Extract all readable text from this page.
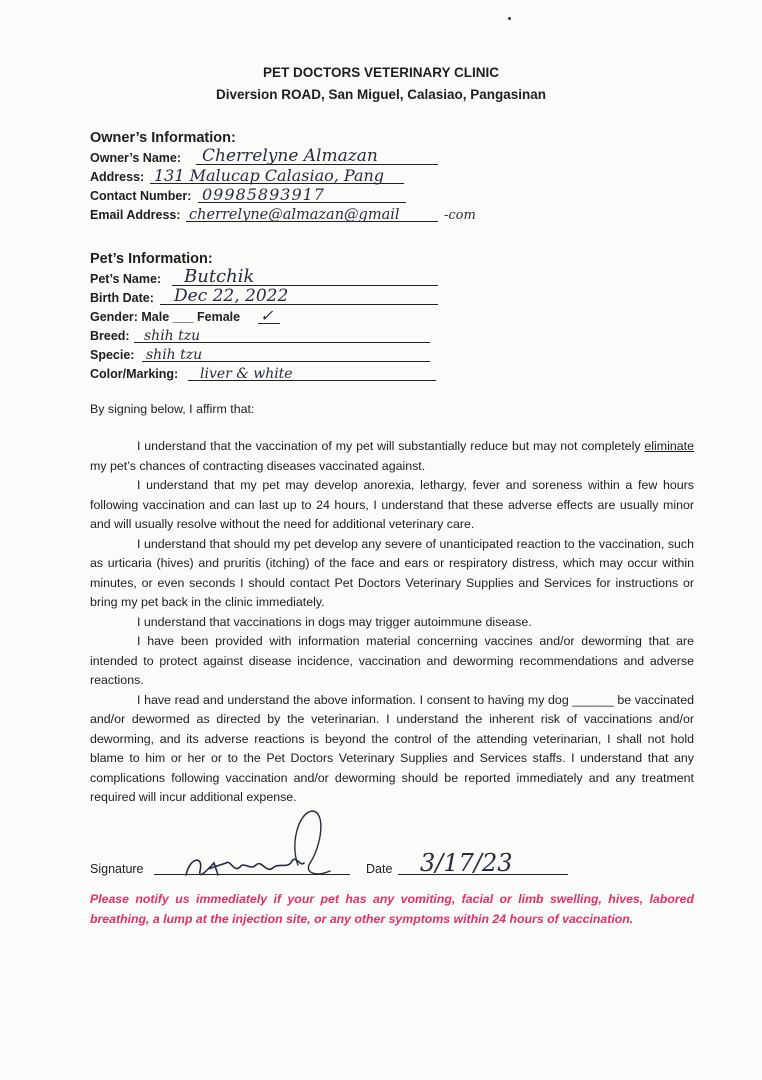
PET DOCTORS VETERINARY CLINIC
Diversion ROAD, San Miguel, Calasiao, Pangasinan
Owner’s Information:
Owner’s Name: Cherrelyne Almazan
Address: 131 Malucap Calasiao, Pang
Contact Number: 09985893917
Email Address: cherrelyne@almazan@gmail	-com
Pet’s Information:
Pet’s Name: Butchik
Birth Date: Dec 22, 2022
Gender: Male ___ Female ✓
Breed: shih tzu
Specie: shih tzu
Color/Marking: liver & white
By signing below, I affirm that:

I understand that the vaccination of my pet will substantially reduce but may not completely eliminate my pet’s chances of contracting diseases vaccinated against.

I understand that my pet may develop anorexia, lethargy, fever and soreness within a few hours following vaccination and can last up to 24 hours, I understand that these adverse effects are usually minor and will usually resolve without the need for additional veterinary care.

I understand that should my pet develop any severe of unanticipated reaction to the vaccination, such as urticaria (hives) and pruritis (itching) of the face and ears or respiratory distress, which may occur within minutes, or even seconds I should contact Pet Doctors Veterinary Supplies and Services for instructions or bring my pet back in the clinic immediately.

I understand that vaccinations in dogs may trigger autoimmune disease.

I have been provided with information material concerning vaccines and/or deworming that are intended to protect against disease incidence, vaccination and deworming recommendations and adverse reactions.

I have read and understand the above information. I consent to having my dog ______ be vaccinated and/or dewormed as directed by the veterinarian. I understand the inherent risk of vaccinations and/or deworming, and its adverse reactions is beyond the control of the attending veterinarian, I shall not hold blame to him or her or to the Pet Doctors Veterinary Supplies and Services staffs. I understand that any complications following vaccination and/or deworming should be reported immediately and any treatment required will incur additional expense.

Signature	Date 3/17/23
Please notify us immediately if your pet has any vomiting, facial or limb swelling, hives, labored breathing, a lump at the injection site, or any other symptoms within 24 hours of vaccination.
